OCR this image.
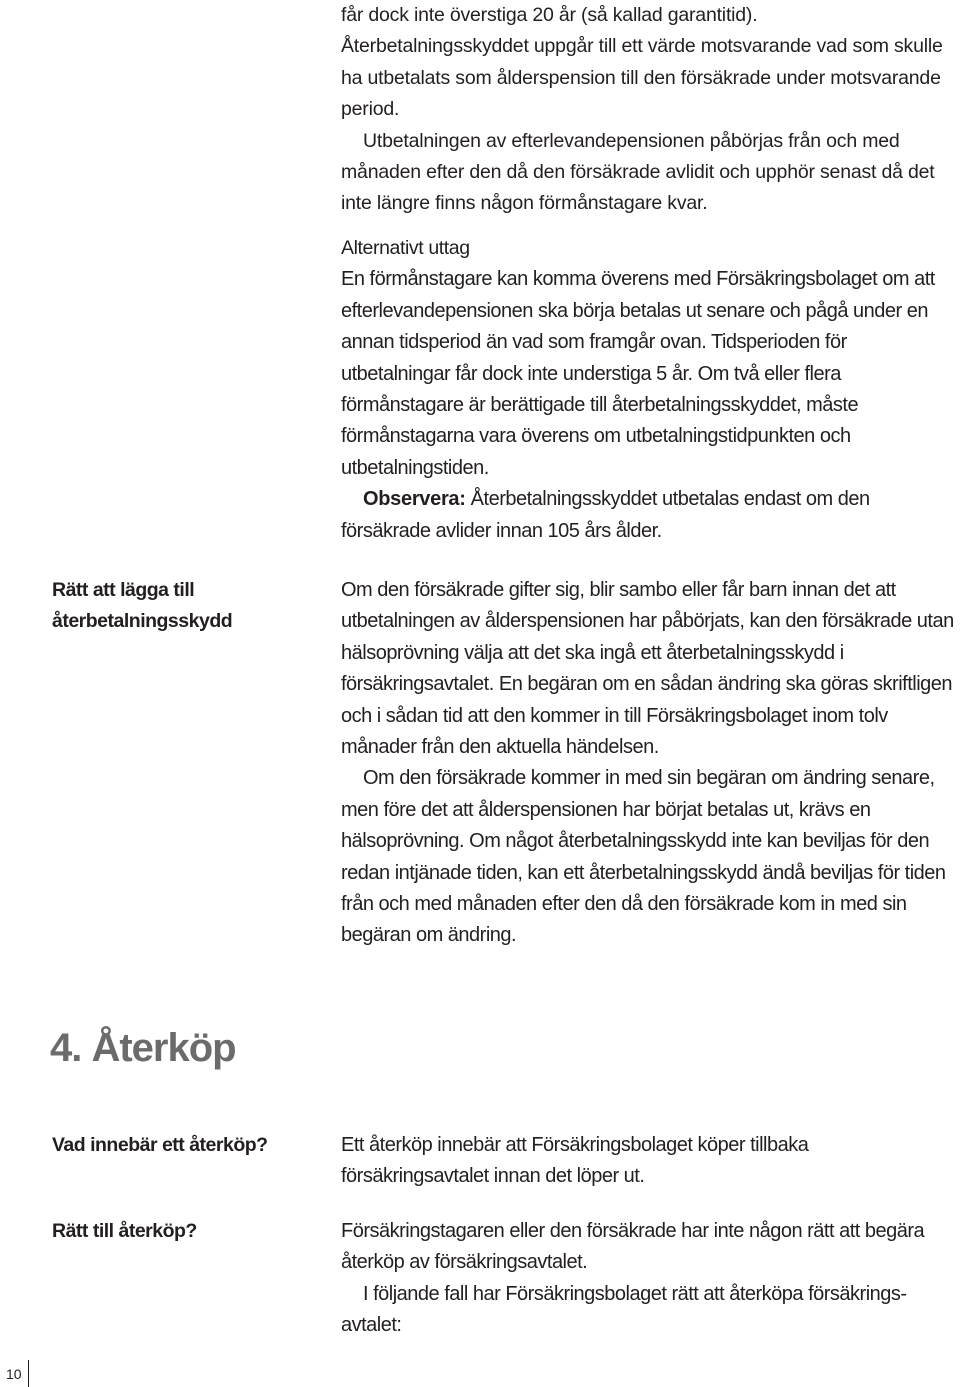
får dock inte överstiga 20 år (så kallad garantitid).

Återbetalningsskyddet uppgår till ett värde motsvarande vad som skulle ha utbetalats som ålderspension till den försäkrade under motsvarande period.

Utbetalningen av efterlevandepensionen påbörjas från och med månaden efter den då den försäkrade avlidit och upphör senast då det inte längre finns någon förmånstagare kvar.

Alternativt uttag

En förmånstagare kan komma överens med Försäkringsbolaget om att efterlevandepensionen ska börja betalas ut senare och pågå under en annan tidsperiod än vad som framgår ovan. Tidsperioden för utbetalningar får dock inte understiga 5 år. Om två eller flera förmånstagare är berättigade till återbetalningsskyddet, måste förmånstagarna vara överens om utbetalningstidpunkten och utbetalningstiden.

Observera: Återbetalningsskyddet utbetalas endast om den försäkrade avlider innan 105 års ålder.

Rätt att lägga till återbetalningsskydd

Om den försäkrade gifter sig, blir sambo eller får barn innan det att utbetalningen av ålderspensionen har påbörjats, kan den försäkrade utan hälsoprövning välja att det ska ingå ett återbetalningsskydd i försäkringsavtalet. En begäran om en sådan ändring ska göras skriftligen och i sådan tid att den kommer in till Försäkringsbolaget inom tolv månader från den aktuella händelsen.

Om den försäkrade kommer in med sin begäran om ändring senare, men före det att ålderspensionen har börjat betalas ut, krävs en hälsoprövning. Om något återbetalningsskydd inte kan beviljas för den redan intjänade tiden, kan ett återbetalningsskydd ändå beviljas för tiden från och med månaden efter den då den försäkrade kom in med sin begäran om ändring.

4. Återköp

Vad innebär ett återköp?	Ett återköp innebär att Försäkringsbolaget köper tillbaka försäkringsavtalet innan det löper ut.

Rätt till återköp?	Försäkringstagaren eller den försäkrade har inte någon rätt att begära återköp av försäkringsavtalet.

I följande fall har Försäkringsbolaget rätt att återköpa försäkrings-avtalet:

10
